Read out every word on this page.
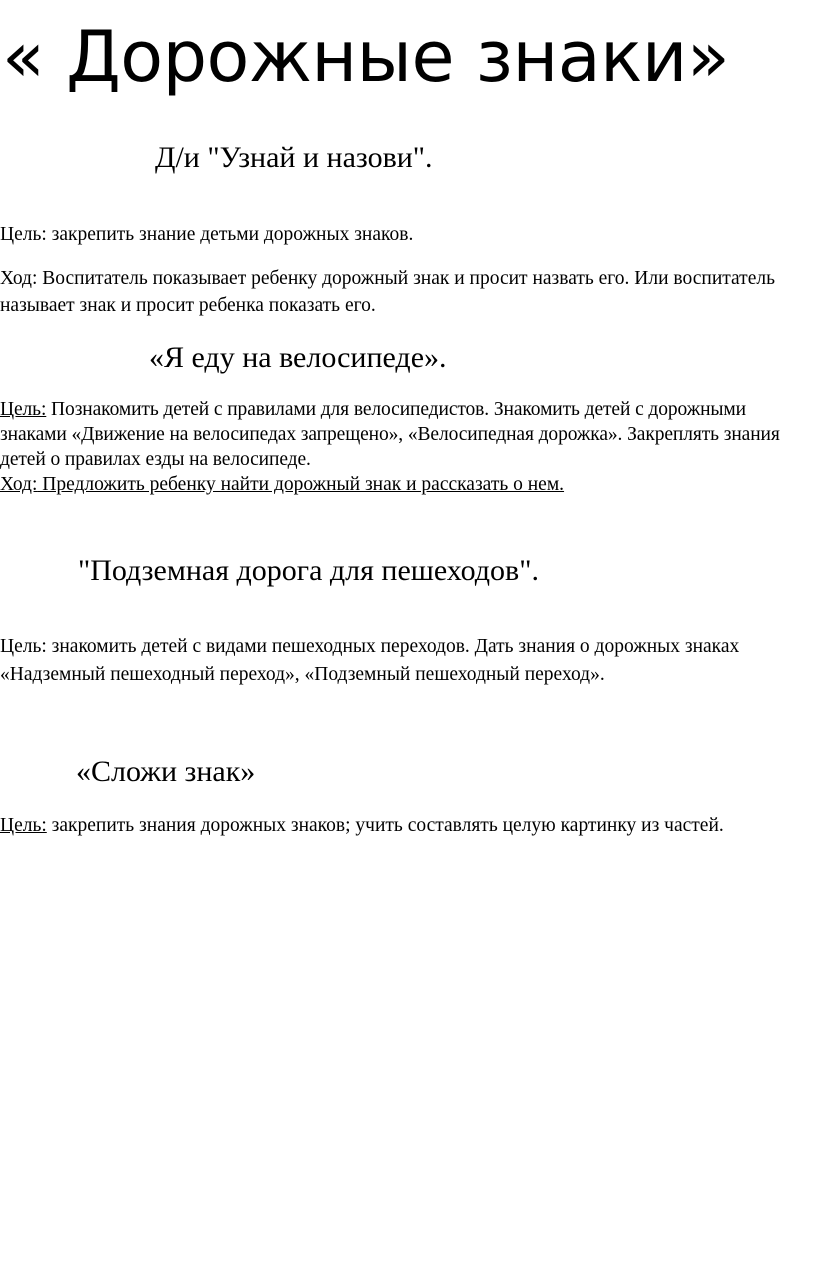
« Дорожные знаки»
Д/и "Узнай и назови".

Цель: закрепить знание детьми дорожных знаков.

Ход: Воспитатель показывает ребенку дорожный знак и просит назвать его. Или воспитатель называет знак и просит ребенка показать его.

«Я еду на велосипеде».

Цель: Познакомить детей с правилами для велосипедистов. Знакомить детей с дорожными знаками «Движение на велосипедах запрещено», «Велосипедная дорожка». Закреплять знания детей о правилах езды на велосипеде.

Ход: Предложить ребенку найти дорожный знак и рассказать о нем.

"Подземная дорога для пешеходов".

Цель: знакомить детей с видами пешеходных переходов. Дать знания о дорожных знаках «Надземный пешеходный переход», «Подземный пешеходный переход».

«Сложи знак»

Цель: закрепить знания дорожных знаков; учить составлять целую картинку из частей.
